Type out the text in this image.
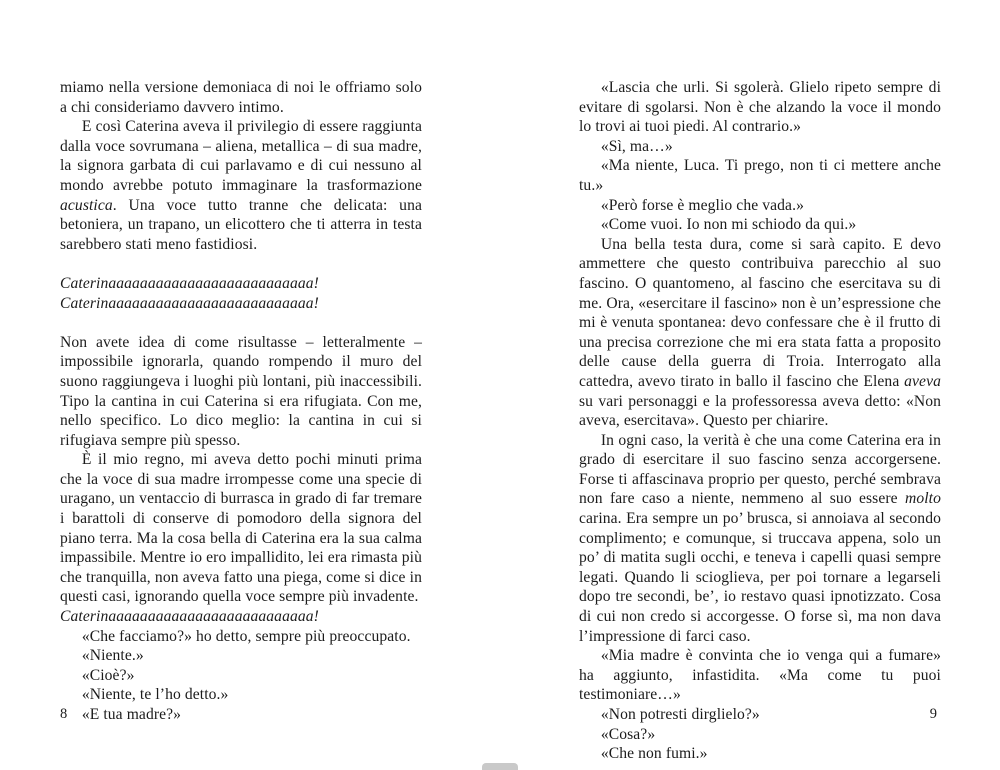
miamo nella versione demoniaca di noi le offriamo solo a chi consideriamo davvero intimo.

E così Caterina aveva il privilegio di essere raggiunta dalla voce sovrumana – aliena, metallica – di sua madre, la signora garbata di cui parlavamo e di cui nessuno al mondo avrebbe potuto immaginare la trasformazione acustica. Una voce tutto tranne che delicata: una betoniera, un trapano, un elicottero che ti atterra in testa sarebbero stati meno fastidiosi.

Caterinaaaaaaaaaaaaaaaaaaaaaaaaaa!

Caterinaaaaaaaaaaaaaaaaaaaaaaaaaa!

Non avete idea di come risultasse – letteralmente – impossibile ignorarla, quando rompendo il muro del suono raggiungeva i luoghi più lontani, più inaccessibili. Tipo la cantina in cui Caterina si era rifugiata. Con me, nello specifico. Lo dico meglio: la cantina in cui si rifugiava sempre più spesso.

È il mio regno, mi aveva detto pochi minuti prima che la voce di sua madre irrompesse come una specie di uragano, un ventaccio di burrasca in grado di far tremare i barattoli di conserve di pomodoro della signora del piano terra. Ma la cosa bella di Caterina era la sua calma impassibile. Mentre io ero impallidito, lei era rimasta più che tranquilla, non aveva fatto una piega, come si dice in questi casi, ignorando quella voce sempre più invadente.

Caterinaaaaaaaaaaaaaaaaaaaaaaaaaa!

«Che facciamo?» ho detto, sempre più preoccupato.

«Niente.»

«Cioè?»

«Niente, te l’ho detto.»

«E tua madre?»

«Lascia che urli. Si sgolerà. Glielo ripeto sempre di evitare di sgolarsi. Non è che alzando la voce il mondo lo trovi ai tuoi piedi. Al contrario.»

«Sì, ma…»

«Ma niente, Luca. Ti prego, non ti ci mettere anche tu.»

«Però forse è meglio che vada.»

«Come vuoi. Io non mi schiodo da qui.»

Una bella testa dura, come si sarà capito. E devo ammettere che questo contribuiva parecchio al suo fascino. O quantomeno, al fascino che esercitava su di me. Ora, «esercitare il fascino» non è un’espressione che mi è venuta spontanea: devo confessare che è il frutto di una precisa correzione che mi era stata fatta a proposito delle cause della guerra di Troia. Interrogato alla cattedra, avevo tirato in ballo il fascino che Elena aveva su vari personaggi e la professoressa aveva detto: «Non aveva, esercitava». Questo per chiarire.

In ogni caso, la verità è che una come Caterina era in grado di esercitare il suo fascino senza accorgersene. Forse ti affascinava proprio per questo, perché sembrava non fare caso a niente, nemmeno al suo essere molto carina. Era sempre un po’ brusca, si annoiava al secondo complimento; e comunque, si truccava appena, solo un po’ di matita sugli occhi, e teneva i capelli quasi sempre legati. Quando li scioglieva, per poi tornare a legarseli dopo tre secondi, be’, io restavo quasi ipnotizzato. Cosa di cui non credo si accorgesse. O forse sì, ma non dava l’impressione di farci caso.

«Mia madre è convinta che io venga qui a fumare» ha aggiunto, infastidita. «Ma come tu puoi testimoniare…»

«Non potresti dirglielo?»

«Cosa?»

«Che non fumi.»

8	9
